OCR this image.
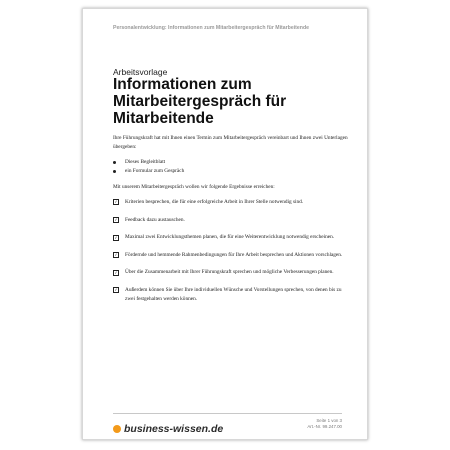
Personalentwicklung: Informationen zum Mitarbeitergespräch für Mitarbeitende
Arbeitsvorlage
Informationen zum Mitarbeitergespräch für Mitarbeitende

Ihre Führungskraft hat mit Ihnen einen Termin zum Mitarbeitergespräch vereinbart und Ihnen zwei Unterlagen übergeben:

Dieses Begleitblatt
ein Formular zum Gespräch

Mit unserem Mitarbeitergespräch wollen wir folgende Ergebnisse erreichen:

✓ Kriterien besprechen, die für eine erfolgreiche Arbeit in Ihrer Stelle notwendig sind.
✓ Feedback dazu austauschen.
✓ Maximal zwei Entwicklungsthemen planen, die für eine Weiterentwicklung notwendig erscheinen.
✓ Fördernde und hemmende Rahmenbedingungen für Ihre Arbeit besprechen und Aktionen vorschlagen.
✓ Über die Zusammenarbeit mit Ihrer Führungskraft sprechen und mögliche Verbesserungen planen.
✓ Außerdem können Sie über Ihre individuellen Wünsche und Vorstellungen sprechen, von denen bis zu zwei festgehalten werden können.
business-wissen.de
Seite 1 von 3
Art.-Nr. 99.247.00
